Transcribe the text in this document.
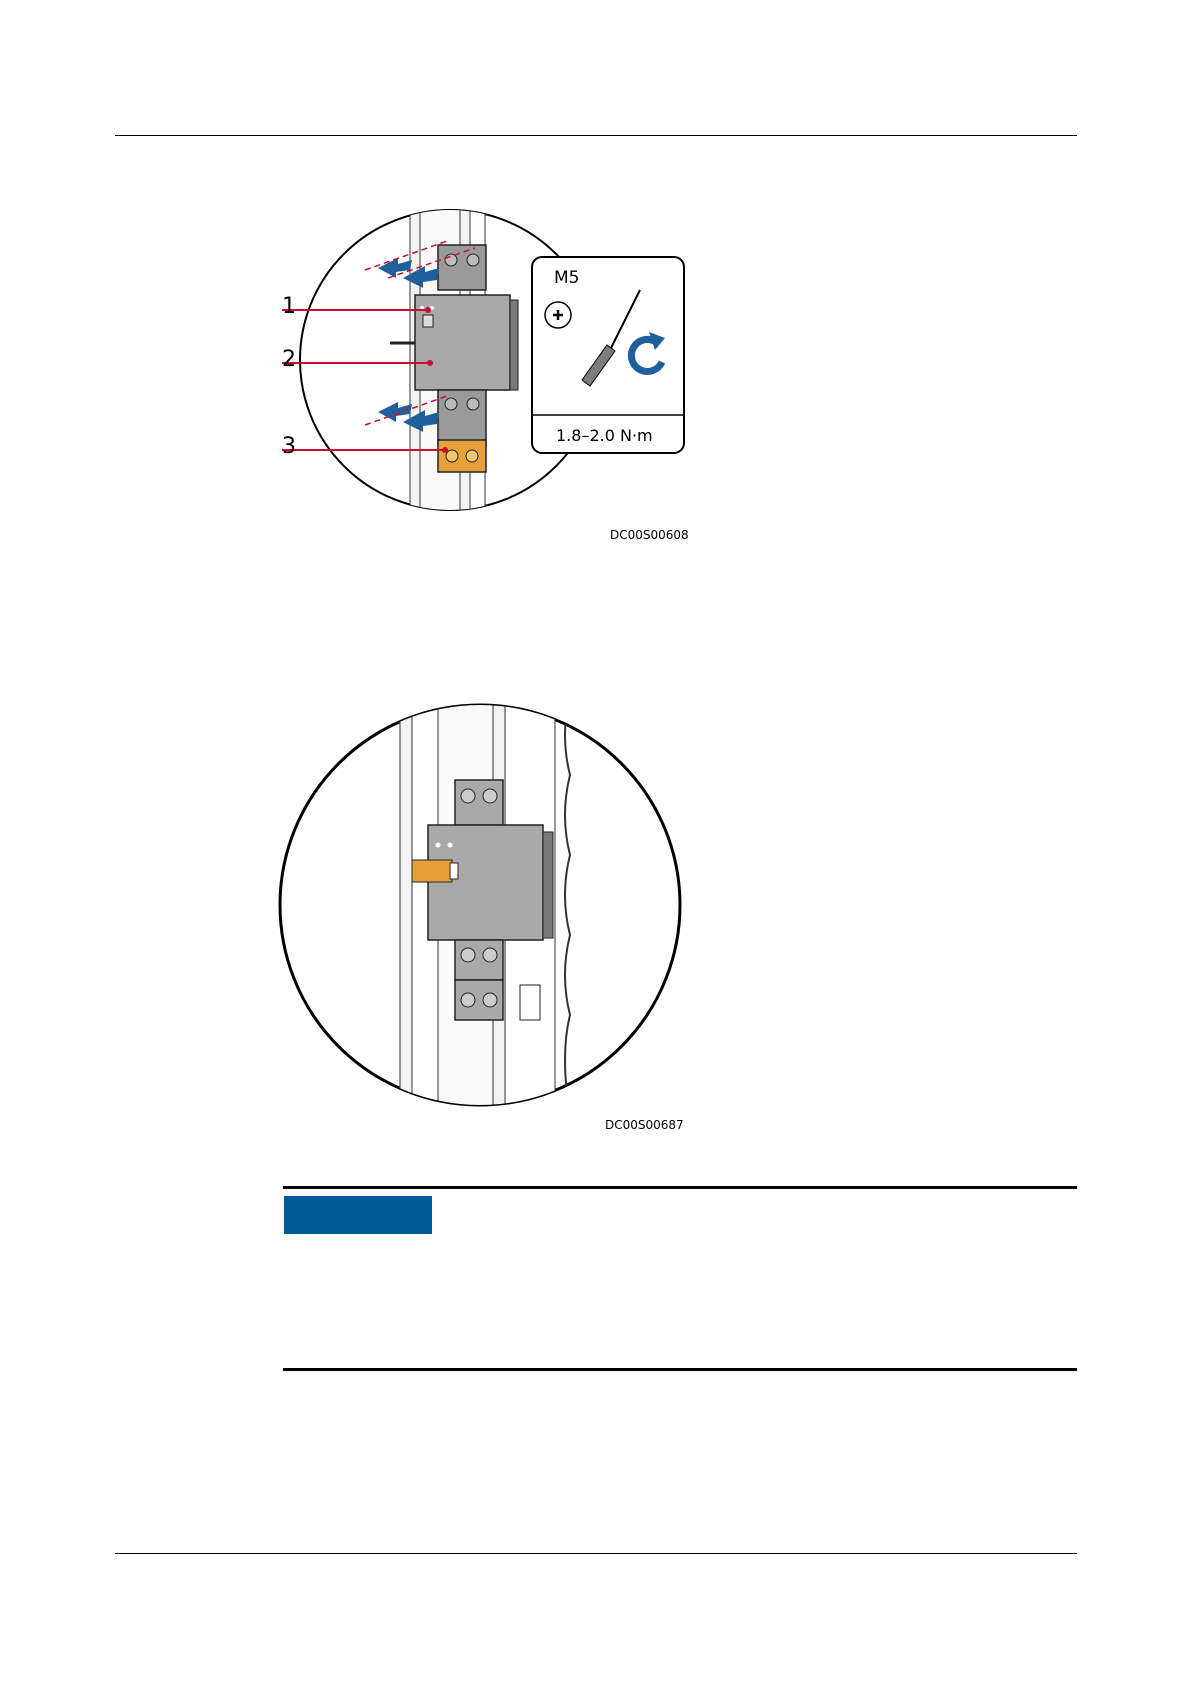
1
2
3
M5
1.8–2.0 N·m
DC00S00608
DC00S00687
